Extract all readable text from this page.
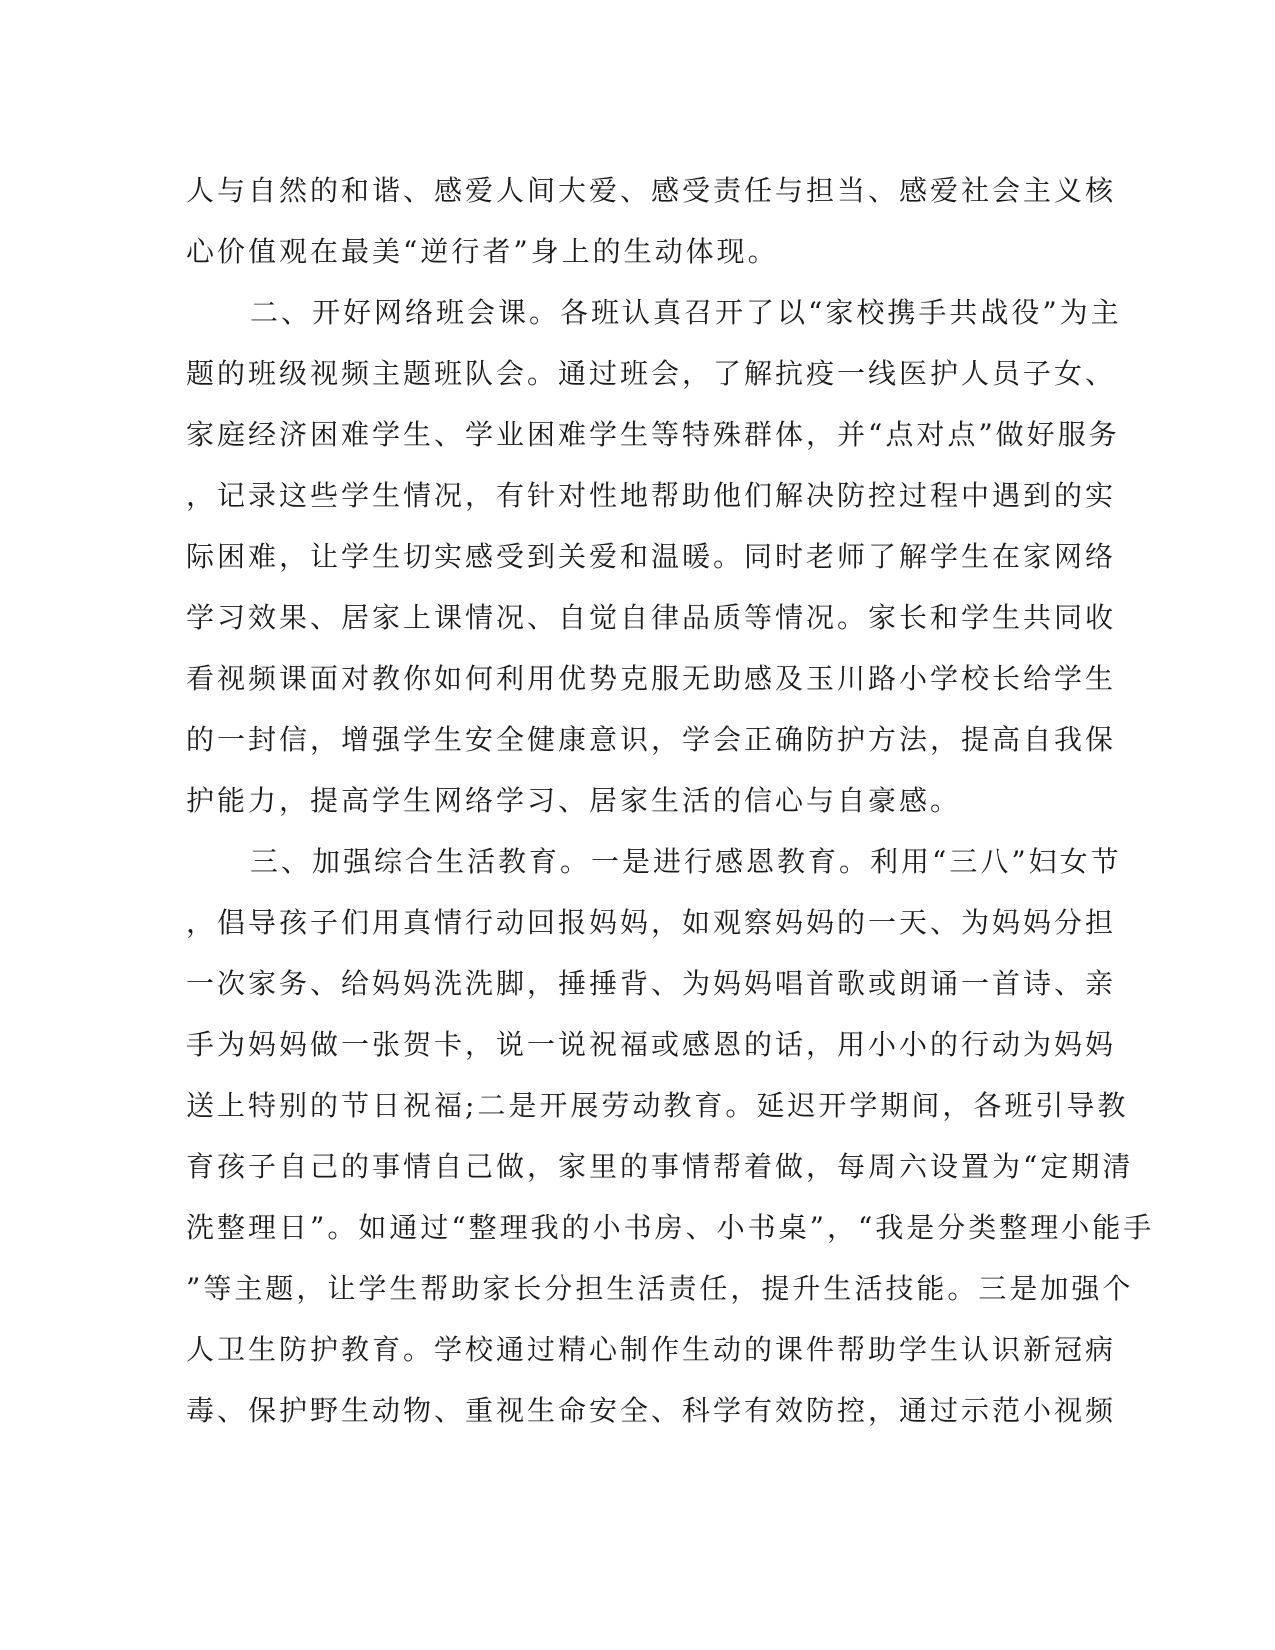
人与自然的和谐、感爱人间大爱、感受责任与担当、感爱社会主义核
心价值观在最美“逆行者”身上的生动体现。
二、开好网络班会课。各班认真召开了以“家校携手共战役”为主
题的班级视频主题班队会。通过班会，了解抗疫一线医护人员子女、
家庭经济困难学生、学业困难学生等特殊群体，并“点对点”做好服务
，记录这些学生情况，有针对性地帮助他们解决防控过程中遇到的实
际困难，让学生切实感受到关爱和温暖。同时老师了解学生在家网络
学习效果、居家上课情况、自觉自律品质等情况。家长和学生共同收
看视频课面对教你如何利用优势克服无助感及玉川路小学校长给学生
的一封信，增强学生安全健康意识，学会正确防护方法，提高自我保
护能力，提高学生网络学习、居家生活的信心与自豪感。
三、加强综合生活教育。一是进行感恩教育。利用“三八”妇女节
，倡导孩子们用真情行动回报妈妈，如观察妈妈的一天、为妈妈分担
一次家务、给妈妈洗洗脚，捶捶背、为妈妈唱首歌或朗诵一首诗、亲
手为妈妈做一张贺卡，说一说祝福或感恩的话，用小小的行动为妈妈
送上特别的节日祝福;二是开展劳动教育。延迟开学期间，各班引导教
育孩子自己的事情自己做，家里的事情帮着做，每周六设置为“定期清
洗整理日”。如通过“整理我的小书房、小书桌”，“我是分类整理小能手
”等主题，让学生帮助家长分担生活责任，提升生活技能。三是加强个
人卫生防护教育。学校通过精心制作生动的课件帮助学生认识新冠病
毒、保护野生动物、重视生命安全、科学有效防控，通过示范小视频
